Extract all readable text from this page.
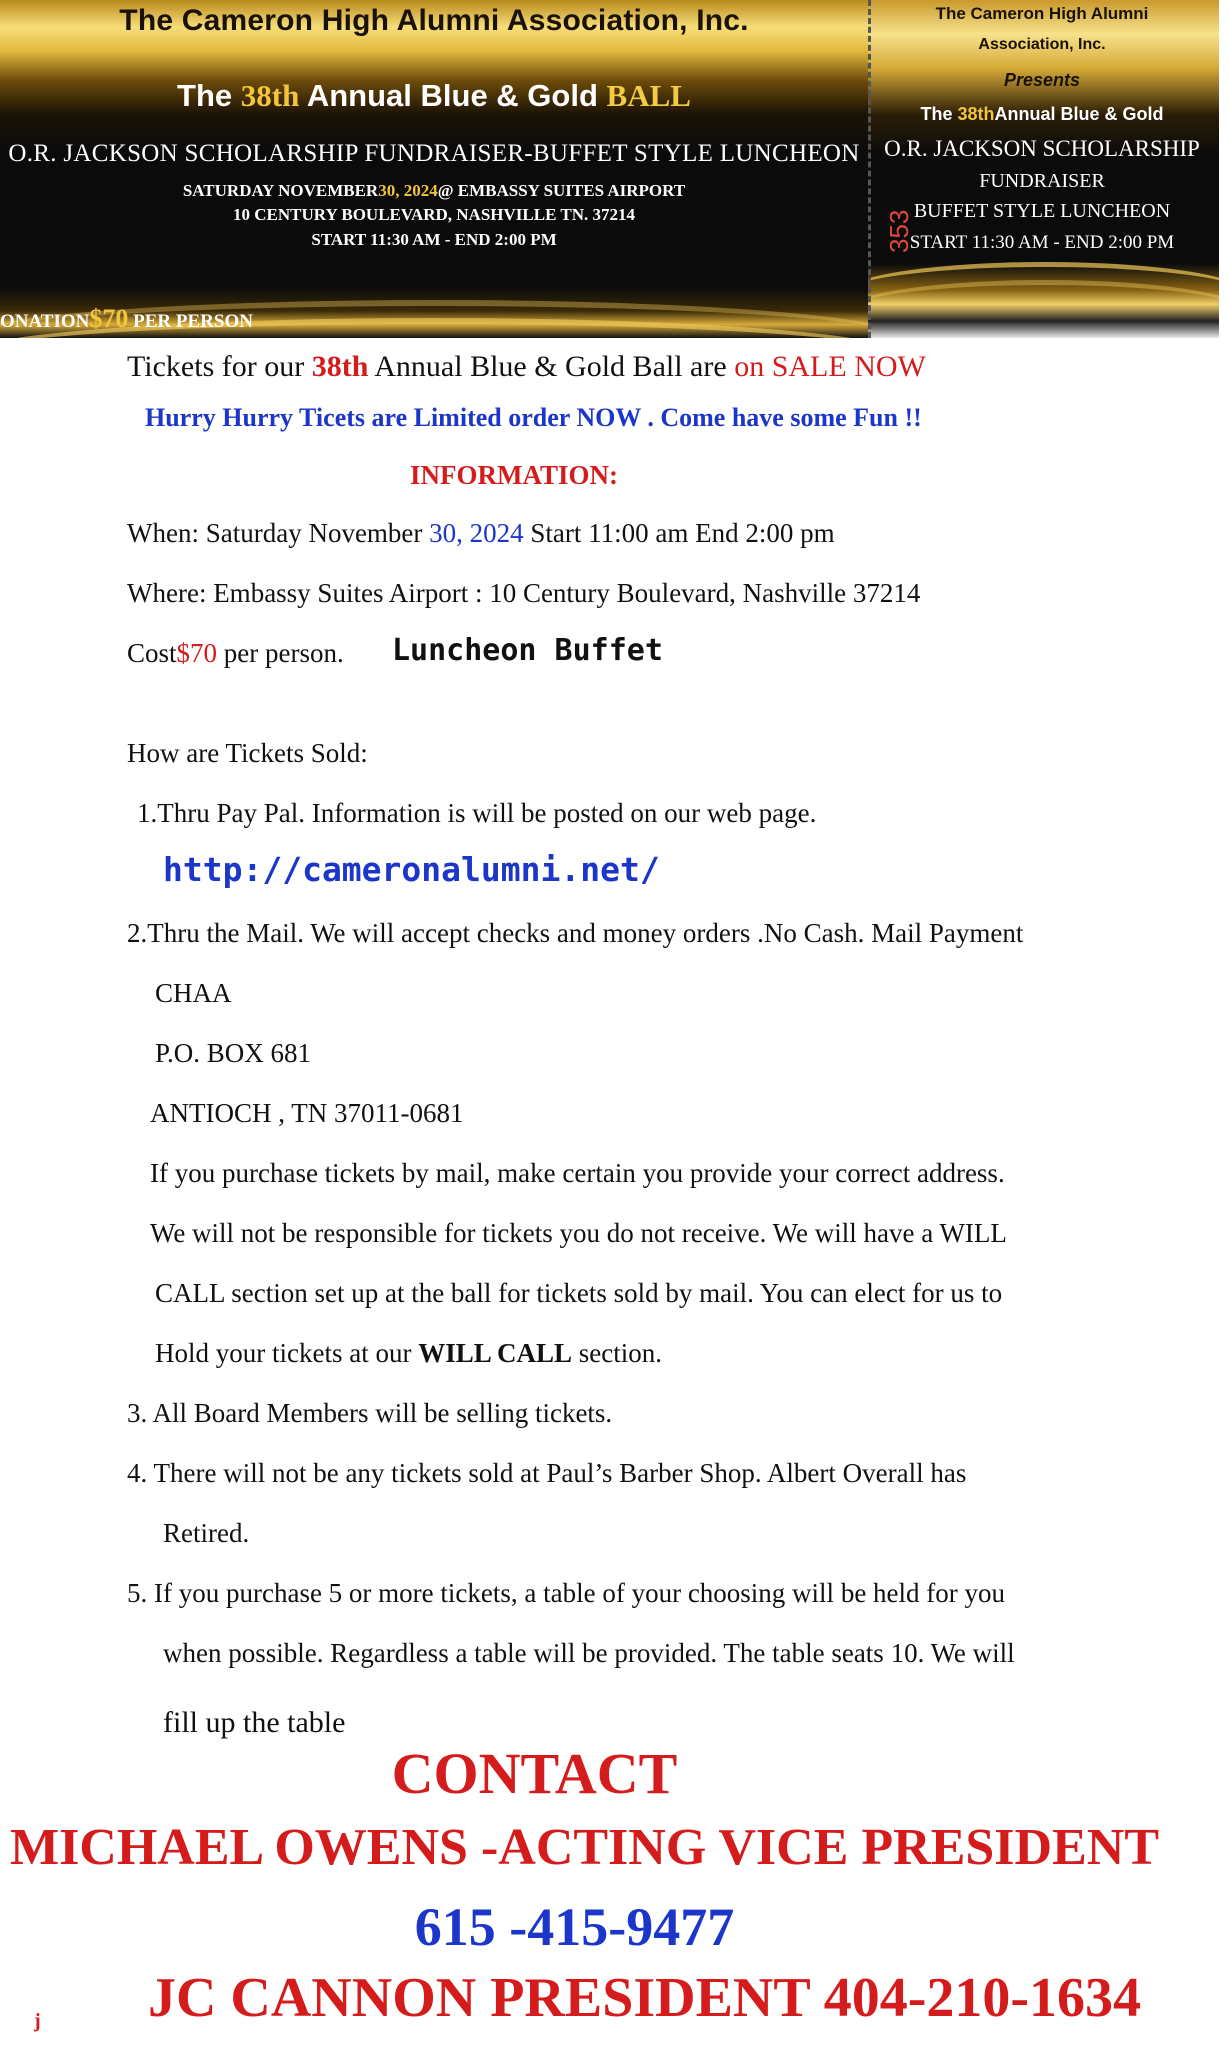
The Cameron High Alumni Association, Inc.
The 38th Annual Blue & Gold BALL
O.R. JACKSON SCHOLARSHIP FUNDRAISER-BUFFET STYLE LUNCHEON
SATURDAY NOVEMBER30, 2024@ EMBASSY SUITES AIRPORT
10 CENTURY BOULEVARD, NASHVILLE TN. 37214
START 11:30 AM - END 2:00 PM
ONATION$70 PER PERSON
The Cameron High Alumni
Association, Inc.
Presents
The 38thAnnual Blue & Gold
O.R. JACKSON SCHOLARSHIP
FUNDRAISER
BUFFET STYLE LUNCHEON
START 11:30 AM - END 2:00 PM
353
Tickets for our 38th Annual Blue & Gold Ball are on SALE NOW
Hurry Hurry Ticets are Limited order NOW . Come have some Fun !!
INFORMATION:
When: Saturday November 30, 2024 Start 11:00 am End 2:00 pm
Where: Embassy Suites Airport : 10 Century Boulevard, Nashville 37214
Cost$70 per person. Luncheon Buffet
How are Tickets Sold:
1.Thru Pay Pal. Information is will be posted on our web page.
http://cameronalumni.net/
2.Thru the Mail. We will accept checks and money orders .No Cash. Mail Payment
CHAA
P.O. BOX 681
ANTIOCH , TN 37011-0681
If you purchase tickets by mail, make certain you provide your correct address.
We will not be responsible for tickets you do not receive. We will have a WILL
CALL section set up at the ball for tickets sold by mail. You can elect for us to
Hold your tickets at our WILL CALL section.
3. All Board Members will be selling tickets.
4. There will not be any tickets sold at Paul’s Barber Shop. Albert Overall has
Retired.
5. If you purchase 5 or more tickets, a table of your choosing will be held for you
when possible. Regardless a table will be provided. The table seats 10. We will
fill up the table
CONTACT
MICHAEL OWENS -ACTING VICE PRESIDENT
615 -415-9477
JC CANNON PRESIDENT 404-210-1634
j
